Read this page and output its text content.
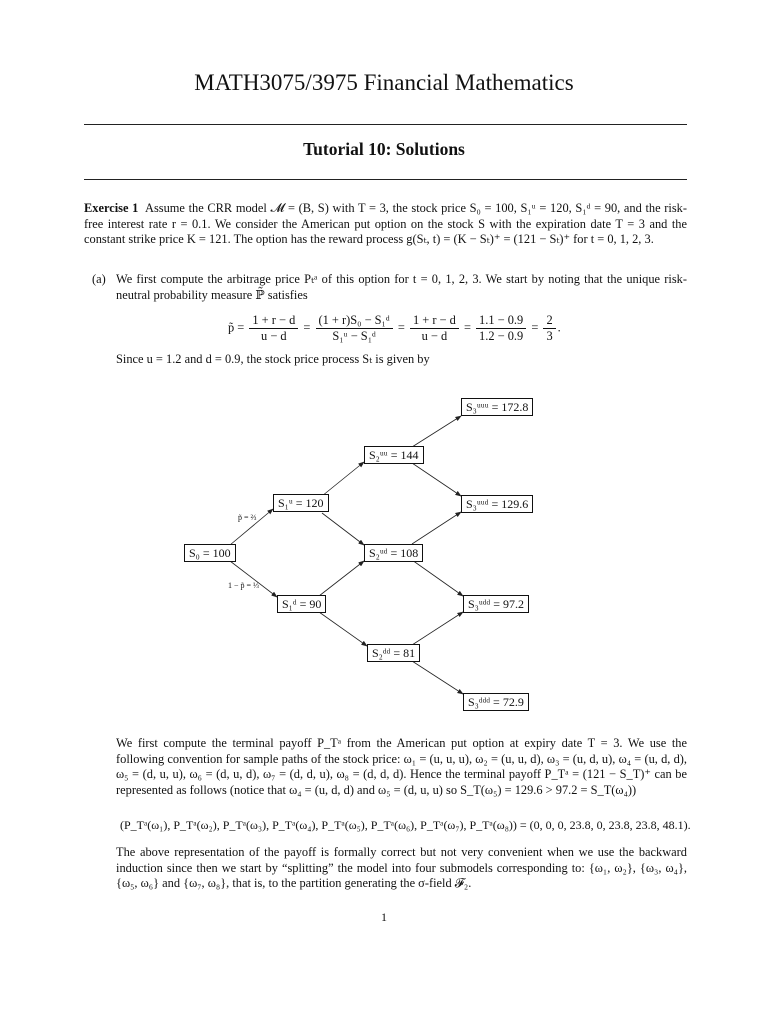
MATH3075/3975 Financial Mathematics
Tutorial 10: Solutions
Exercise 1 Assume the CRR model 𝓜 = (B, S) with T = 3, the stock price S₀ = 100, S₁ᵘ = 120, S₁ᵈ = 90, and the risk-free interest rate r = 0.1. We consider the American put option on the stock S with the expiration date T = 3 and the constant strike price K = 121. The option has the reward process g(Sₜ, t) = (K − Sₜ)⁺ = (121 − Sₜ)⁺ for t = 0, 1, 2, 3.
(a) We first compute the arbitrage price Pₜᵃ of this option for t = 0, 1, 2, 3. We start by noting that the unique risk-neutral probability measure ℙ̃ satisfies
p̃ = $\frac{1 + r - d}{u - d} = \frac{\text{(1 + r)S₀ − S₁ᵈ}}{\text{S₁ᵘ − S₁ᵈ}} = \frac{1 + r - d}{u - d} = \frac{1.1 - 0.9}{1.2 - 0.9} = \frac{2}{3}$ .
Since u = 1.2 and d = 0.9, the stock price process Sₜ is given by
p̃ = ⅔
1 − p̃ = ⅓
S₀ = 100
S₁ᵘ = 120
S₁ᵈ = 90
S₂ᵘᵘ = 144
S₂ᵘᵈ = 108
S₂ᵈᵈ = 81
S₃ᵘᵘᵘ = 172.8
S₃ᵘᵘᵈ = 129.6
S₃ᵘᵈᵈ = 97.2
S₃ᵈᵈᵈ = 72.9
We first compute the terminal payoff P_Tᵃ from the American put option at expiry date T = 3. We use the following convention for sample paths of the stock price: ω₁ = (u, u, u), ω₂ = (u, u, d), ω₃ = (u, d, u), ω₄ = (u, d, d), ω₅ = (d, u, u), ω₆ = (d, u, d), ω₇ = (d, d, u), ω₈ = (d, d, d). Hence the terminal payoff P_Tᵃ = (121 − S_T)⁺ can be represented as follows (notice that ω₄ = (u, d, d) and ω₅ = (d, u, u) so S_T(ω₅) = 129.6 > 97.2 = S_T(ω₄))
(P_Tᵃ(ω₁), P_Tᵃ(ω₂), P_Tᵃ(ω₃), P_Tᵃ(ω₄), P_Tᵃ(ω₅), P_Tᵃ(ω₆), P_Tᵃ(ω₇), P_Tᵃ(ω₈)) = (0, 0, 0, 23.8, 0, 23.8, 23.8, 48.1).
The above representation of the payoff is formally correct but not very convenient when we use the backward induction since then we start by “splitting” the model into four submodels corresponding to: {ω₁, ω₂}, {ω₃, ω₄}, {ω₅, ω₆} and {ω₇, ω₈}, that is, to the partition generating the σ-field 𝓕₂.
1
